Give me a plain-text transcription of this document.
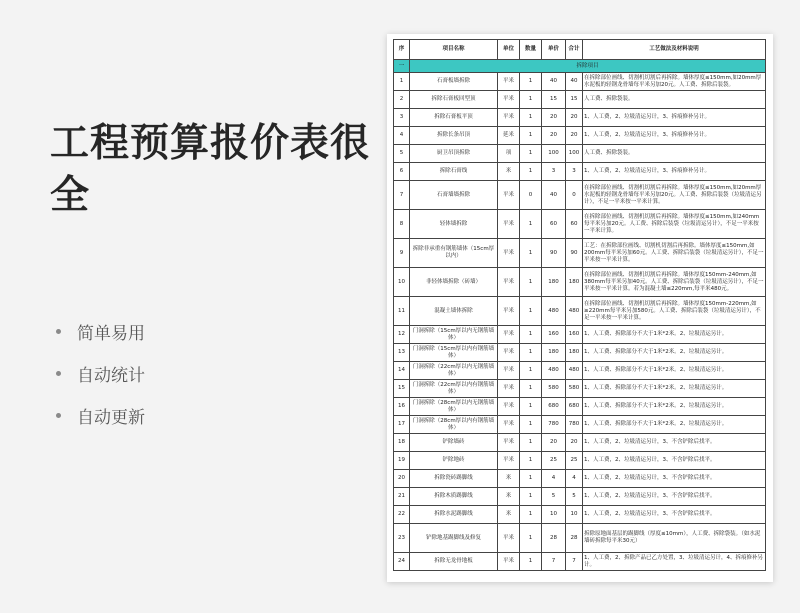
工程预算报价表很全
简单易用
自动统计
自动更新
序	项目名称	单位	数量	单价	合计	工艺做法及材料说明
一	拆除项目					
1	石膏板墙拆除	平米	1	40	40	在拆除部位画线、切割机切割后再拆除。墙体厚度≤150mm,如20mm厚水泥板的轻钢龙骨墙每平米另加20元。人工费、拆除后装袋。
2	拆除石膏板回型顶	平米	1	15	15	人工费、拆除袋装。
3	拆除石膏板平顶	平米	1	20	20	1、人工费，2、垃圾清运另计，3、拆痕修补另计。
4	拆除长条吊顶	延米	1	20	20	1、人工费，2、垃圾清运另计，3、拆痕修补另计。
5	厨卫吊顶拆除	项	1	100	100	人工费、拆除袋装。
6	拆除石膏线	米	1	3	3	1、人工费，2、垃圾清运另计，3、拆痕修补另计。
7	石膏墙墙拆除	平米	0	40	0	在拆除部位画线、切割机切割后再拆除。墙体厚度≤150mm,如20mm厚水泥板的轻钢龙骨墙每平米另加20元。人工费、拆除后装袋（垃圾清运另计），不足一平米按一平米计算。
8	轻体墙拆除	平米	1	60	60	在拆除部位画线、切割机切割后再拆除。墙体厚度≤150mm,如240mm每平米另加20元。人工费、拆除后装袋（垃圾清运另计），不足一平米按一平米计算。
9	拆除非承重有钢筋墙体（15cm厚以内）	平米	1	90	90	工艺：在拆除部位画线、切割机切割后再拆除。墙体厚度≤150mm,如200mm每平米另加60元。人工费、拆除后装袋（垃圾清运另计），不足一平米按一平米计算。
10	非轻体墙拆除（砖墙）	平米	1	180	180	在拆除部位画线、切割机切割后再拆除。墙体厚度150mm-240mm,如380mm每平米另加40元。人工费、拆除后装袋（垃圾清运另计），不足一平米按一平米计算。若为混凝土墙≤220mm,每平米480元。
11	混凝土墙体拆除	平米	1	480	480	在拆除部位画线、切割机切割后再拆除。墙体厚度150mm-220mm,如≥220mm每平米另加580元。人工费、拆除后装袋（垃圾清运另计），不足一平米按一平米计算。
12	门洞拆除（15cm厚以内无钢筋墙体）	平米	1	160	160	1、人工费、拆除部分不大于1米*2米。2、垃圾清运另计。
13	门洞拆除（15cm厚以内有钢筋墙体）	平米	1	180	180	1、人工费、拆除部分不大于1米*2米。2、垃圾清运另计。
14	门洞拆除（22cm厚以内无钢筋墙体）	平米	1	480	480	1、人工费、拆除部分不大于1米*2米。2、垃圾清运另计。
15	门洞拆除（22cm厚以内有钢筋墙体）	平米	1	580	580	1、人工费、拆除部分不大于1米*2米。2、垃圾清运另计。
16	门洞拆除（28cm厚以内无钢筋墙体）	平米	1	680	680	1、人工费、拆除部分不大于1米*2米。2、垃圾清运另计。
17	门洞拆除（28cm厚以内有钢筋墙体）	平米	1	780	780	1、人工费、拆除部分不大于1米*2米。2、垃圾清运另计。
18	铲除墙砖	平米	1	20	20	1、人工费，2、垃圾清运另计，3、不含铲除后找平。
19	铲除地砖	平米	1	25	25	1、人工费，2、垃圾清运另计，3、不含铲除后找平。
20	拆除瓷砖踢脚线	米	1	4	4	1、人工费，2、垃圾清运另计，3、不含铲除后找平。
21	拆除木质踢脚线	米	1	5	5	1、人工费，2、垃圾清运另计，3、不含铲除后找平。
22	拆除水泥踢脚线	米	1	10	10	1、人工费，2、垃圾清运另计，3、不含铲除后找平。
23	铲除地基踢脚线及修复	平米	1	28	28	拆除原地面基层的踢脚线（厚度≤10mm），人工费、拆除袋装。（如水泥墙砖拆除每平米30元）
24	拆除无龙骨地板	平米	1	7	7	1、人工费，2、拆除产品已乙方处置，3、垃圾清运另计，4、拆痕修补另计。
